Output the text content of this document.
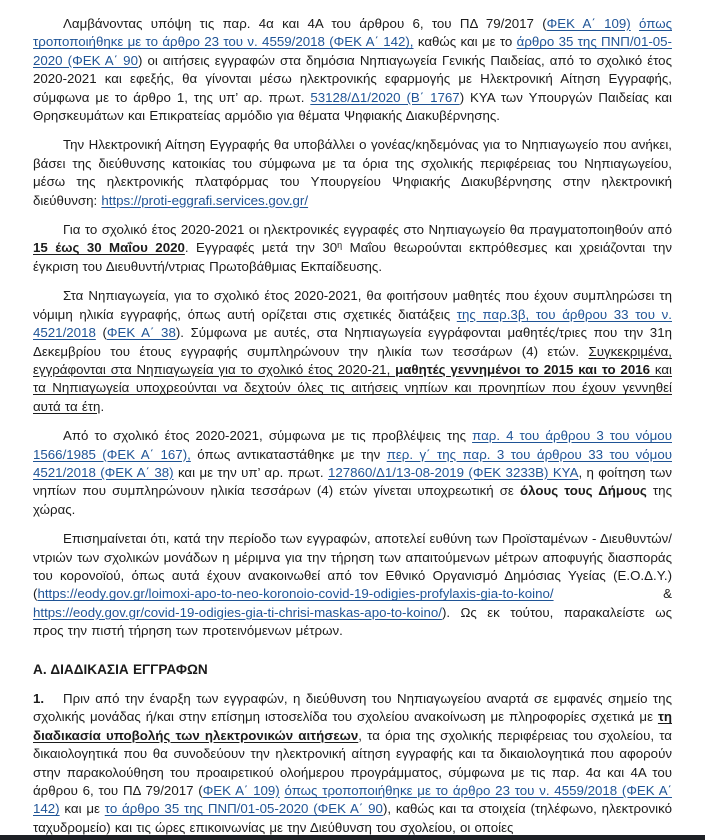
Λαμβάνοντας υπόψη τις παρ. 4α και 4Α του άρθρου 6, του ΠΔ 79/2017 (ΦΕΚ Α΄ 109) όπως τροποποιήθηκε με το άρθρο 23 του ν. 4559/2018 (ΦΕΚ Α΄ 142), καθώς και με το άρθρο 35 της ΠΝΠ/01-05-2020 (ΦΕΚ Α΄ 90) οι αιτήσεις εγγραφών στα δημόσια Νηπιαγωγεία Γενικής Παιδείας, από το σχολικό έτος 2020-2021 και εφεξής, θα γίνονται μέσω ηλεκτρονικής εφαρμογής με Ηλεκτρονική Αίτηση Εγγραφής, σύμφωνα με το άρθρο 1, της υπ’ αρ. πρωτ. 53128/Δ1/2020 (Β΄ 1767) ΚΥΑ των Υπουργών Παιδείας και Θρησκευμάτων και Επικρατείας αρμόδιο για θέματα Ψηφιακής Διακυβέρνησης.

Την Ηλεκτρονική Αίτηση Εγγραφής θα υποβάλλει ο γονέας/κηδεμόνας για το Νηπιαγωγείο που ανήκει, βάσει της διεύθυνσης κατοικίας του σύμφωνα με τα όρια της σχολικής περιφέρειας του Νηπιαγωγείου, μέσω της ηλεκτρονικής πλατφόρμας του Υπουργείου Ψηφιακής Διακυβέρνησης στην ηλεκτρονική διεύθυνση: https://proti-eggrafi.services.gov.gr/

Για το σχολικό έτος 2020-2021 οι ηλεκτρονικές εγγραφές στο Νηπιαγωγείο θα πραγματοποιηθούν από 15 έως 30 Μαΐου 2020. Εγγραφές μετά την $30^\eta$ Μαΐου θεωρούνται εκπρόθεσμες και χρειάζονται την έγκριση του Διευθυντή/ντριας Πρωτοβάθμιας Εκπαίδευσης.

Στα Νηπιαγωγεία, για το σχολικό έτος 2020-2021, θα φοιτήσουν μαθητές που έχουν συμπληρώσει τη νόμιμη ηλικία εγγραφής, όπως αυτή ορίζεται στις σχετικές διατάξεις της παρ.3β, του άρθρου 33 του ν. 4521/2018 (ΦΕΚ Α΄ 38). Σύμφωνα με αυτές, στα Νηπιαγωγεία εγγράφονται μαθητές/τριες που την 31η Δεκεμβρίου του έτους εγγραφής συμπληρώνουν την ηλικία των τεσσάρων (4) ετών. Συγκεκριμένα, εγγράφονται στα Νηπιαγωγεία για το σχολικό έτος 2020-21, μαθητές γεννημένοι το 2015 και το 2016 και τα Νηπιαγωγεία υποχρεούνται να δεχτούν όλες τις αιτήσεις νηπίων και προνηπίων που έχουν γεννηθεί αυτά τα έτη.

Από το σχολικό έτος 2020-2021, σύμφωνα με τις προβλέψεις της παρ. 4 του άρθρου 3 του νόμου 1566/1985 (ΦΕΚ Α΄ 167), όπως αντικαταστάθηκε με την περ. γ΄ της παρ. 3 του άρθρου 33 του νόμου 4521/2018 (ΦΕΚ Α΄ 38) και με την υπ’ αρ. πρωτ. 127860/Δ1/13-08-2019 (ΦΕΚ 3233Β) ΚΥΑ, η φοίτηση των νηπίων που συμπληρώνουν ηλικία τεσσάρων (4) ετών γίνεται υποχρεωτική σε όλους τους Δήμους της χώρας.

Επισημαίνεται ότι, κατά την περίοδο των εγγραφών, αποτελεί ευθύνη των Προϊσταμένων - Διευθυντών/ντριών των σχολικών μονάδων η μέριμνα για την τήρηση των απαιτούμενων μέτρων αποφυγής διασποράς του κορονοϊού, όπως αυτά έχουν ανακοινωθεί από τον Εθνικό Οργανισμό Δημόσιας Υγείας (Ε.Ο.Δ.Υ.) (https://eody.gov.gr/loimoxi-apo-to-neo-koronoio-covid-19-odigies-profylaxis-gia-to-koino/ & https://eody.gov.gr/covid-19-odigies-gia-ti-chrisi-maskas-apo-to-koino/). Ως εκ τούτου, παρακαλείστε ως προς την πιστή τήρηση των προτεινόμενων μέτρων.

Α. ΔΙΑΔΙΚΑΣΙΑ ΕΓΓΡΑΦΩΝ

1. Πριν από την έναρξη των εγγραφών, η διεύθυνση του Νηπιαγωγείου αναρτά σε εμφανές σημείο της σχολικής μονάδας ή/και στην επίσημη ιστοσελίδα του σχολείου ανακοίνωση με πληροφορίες σχετικά με τη διαδικασία υποβολής των ηλεκτρονικών αιτήσεων, τα όρια της σχολικής περιφέρειας του σχολείου, τα δικαιολογητικά που θα συνοδεύουν την ηλεκτρονική αίτηση εγγραφής και τα δικαιολογητικά που αφορούν στην παρακολούθηση του προαιρετικού ολοήμερου προγράμματος, σύμφωνα με τις παρ. 4α και 4Α του άρθρου 6, του ΠΔ 79/2017 (ΦΕΚ Α΄ 109) όπως τροποποιήθηκε με το άρθρο 23 του ν. 4559/2018 (ΦΕΚ Α΄ 142) και με το άρθρο 35 της ΠΝΠ/01-05-2020 (ΦΕΚ Α΄ 90), καθώς και τα στοιχεία (τηλέφωνο, ηλεκτρονικό ταχυδρομείο) και τις ώρες επικοινωνίας με την Διεύθυνση του σχολείου, οι οποίες
